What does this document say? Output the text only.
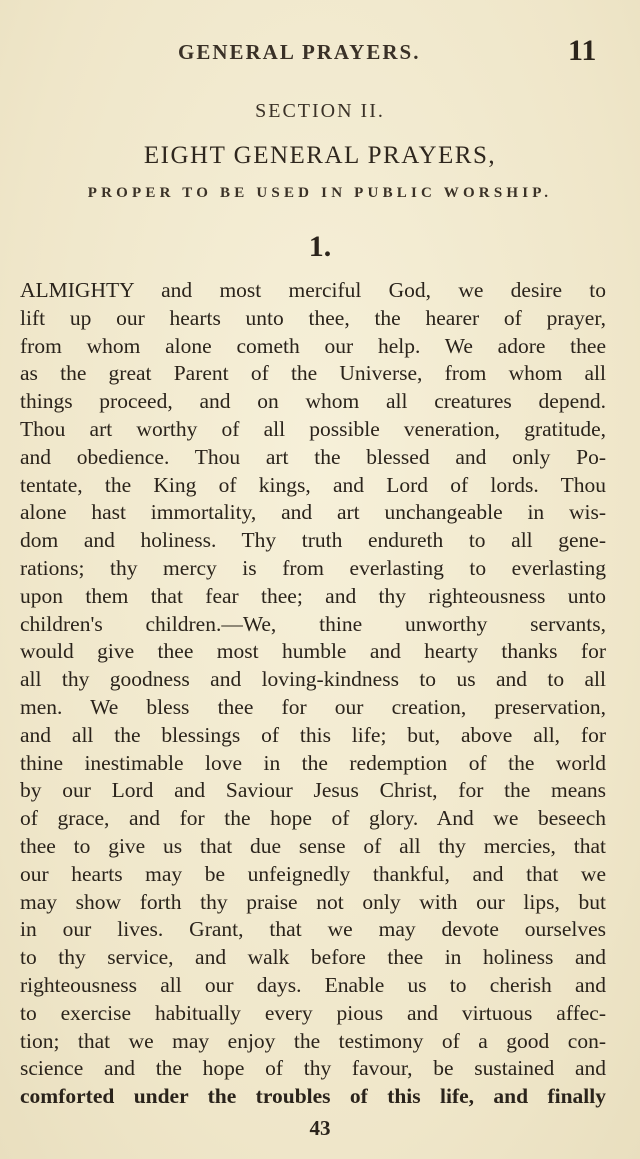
GENERAL PRAYERS.	11
SECTION II.
EIGHT GENERAL PRAYERS,
PROPER TO BE USED IN PUBLIC WORSHIP.
1.
ALMIGHTY and most merciful God, we desire to
lift up our hearts unto thee, the hearer of prayer,
from whom alone cometh our help. We adore thee
as the great Parent of the Universe, from whom all
things proceed, and on whom all creatures depend.
Thou art worthy of all possible veneration, gratitude,
and obedience. Thou art the blessed and only Po-
tentate, the King of kings, and Lord of lords. Thou
alone hast immortality, and art unchangeable in wis-
dom and holiness. Thy truth endureth to all gene-
rations; thy mercy is from everlasting to everlasting
upon them that fear thee; and thy righteousness unto
children's children.—We, thine unworthy servants,
would give thee most humble and hearty thanks for
all thy goodness and loving-kindness to us and to all
men. We bless thee for our creation, preservation,
and all the blessings of this life; but, above all, for
thine inestimable love in the redemption of the world
by our Lord and Saviour Jesus Christ, for the means
of grace, and for the hope of glory. And we beseech
thee to give us that due sense of all thy mercies, that
our hearts may be unfeignedly thankful, and that we
may show forth thy praise not only with our lips, but
in our lives. Grant, that we may devote ourselves
to thy service, and walk before thee in holiness and
righteousness all our days. Enable us to cherish and
to exercise habitually every pious and virtuous affec-
tion; that we may enjoy the testimony of a good con-
science and the hope of thy favour, be sustained and
comforted under the troubles of this life, and finally
43
